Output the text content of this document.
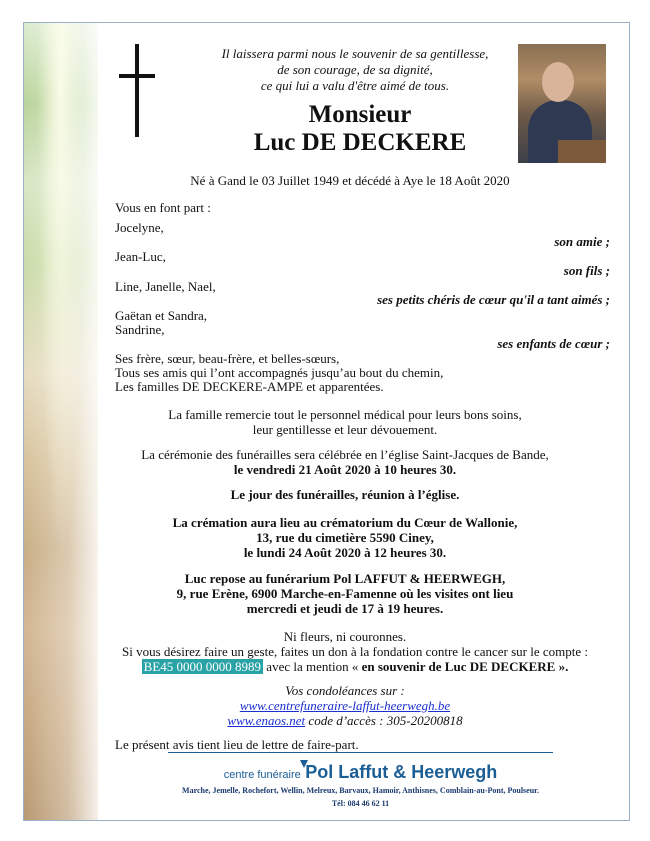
Il laissera parmi nous le souvenir de sa gentillesse,
de son courage, de sa dignité,
ce qui lui a valu d'être aimé de tous.
Monsieur
Luc DE DECKERE
Né à Gand le 03 Juillet 1949 et décédé à Aye le 18 Août 2020
Vous en font part :
Jocelyne,
son amie ;
Jean-Luc,
son fils ;
Line, Janelle, Nael,
ses petits chéris de cœur qu'il a tant aimés ;
Gaëtan et Sandra,
Sandrine,
ses enfants de cœur ;
Ses frère, sœur, beau-frère, et belles-sœurs,
Tous ses amis qui l’ont accompagnés jusqu’au bout du chemin,
Les familles DE DECKERE-AMPE et apparentées.
La famille remercie tout le personnel médical pour leurs bons soins,
leur gentillesse et leur dévouement.
La cérémonie des funérailles sera célébrée en l’église Saint-Jacques de Bande,
le vendredi 21 Août 2020 à 10 heures 30.
Le jour des funérailles, réunion à l’église.
La crémation aura lieu au crématorium du Cœur de Wallonie,
13, rue du cimetière 5590 Ciney,
le lundi 24 Août 2020 à 12 heures 30.
Luc repose au funérarium Pol LAFFUT & HEERWEGH,
9, rue Erène, 6900 Marche-en-Famenne où les visites ont lieu
mercredi et jeudi de 17 à 19 heures.
Ni fleurs, ni couronnes.
Si vous désirez faire un geste, faites un don à la fondation contre le cancer sur le compte :
BE45 0000 0000 8989 avec la mention « en souvenir de Luc DE DECKERE ».
Vos condoléances sur :
www.centrefuneraire-laffut-heerwegh.be
www.enaos.net code d’accès : 305-20200818
Le présent avis tient lieu de lettre de faire-part.
centre funéraire Pol Laffut & Heerwegh
Marche, Jemelle, Rochefort, Wellin, Melreux, Barvaux, Hamoir, Anthisnes, Comblain-au-Pont, Poulseur.
Tél: 084 46 62 11
